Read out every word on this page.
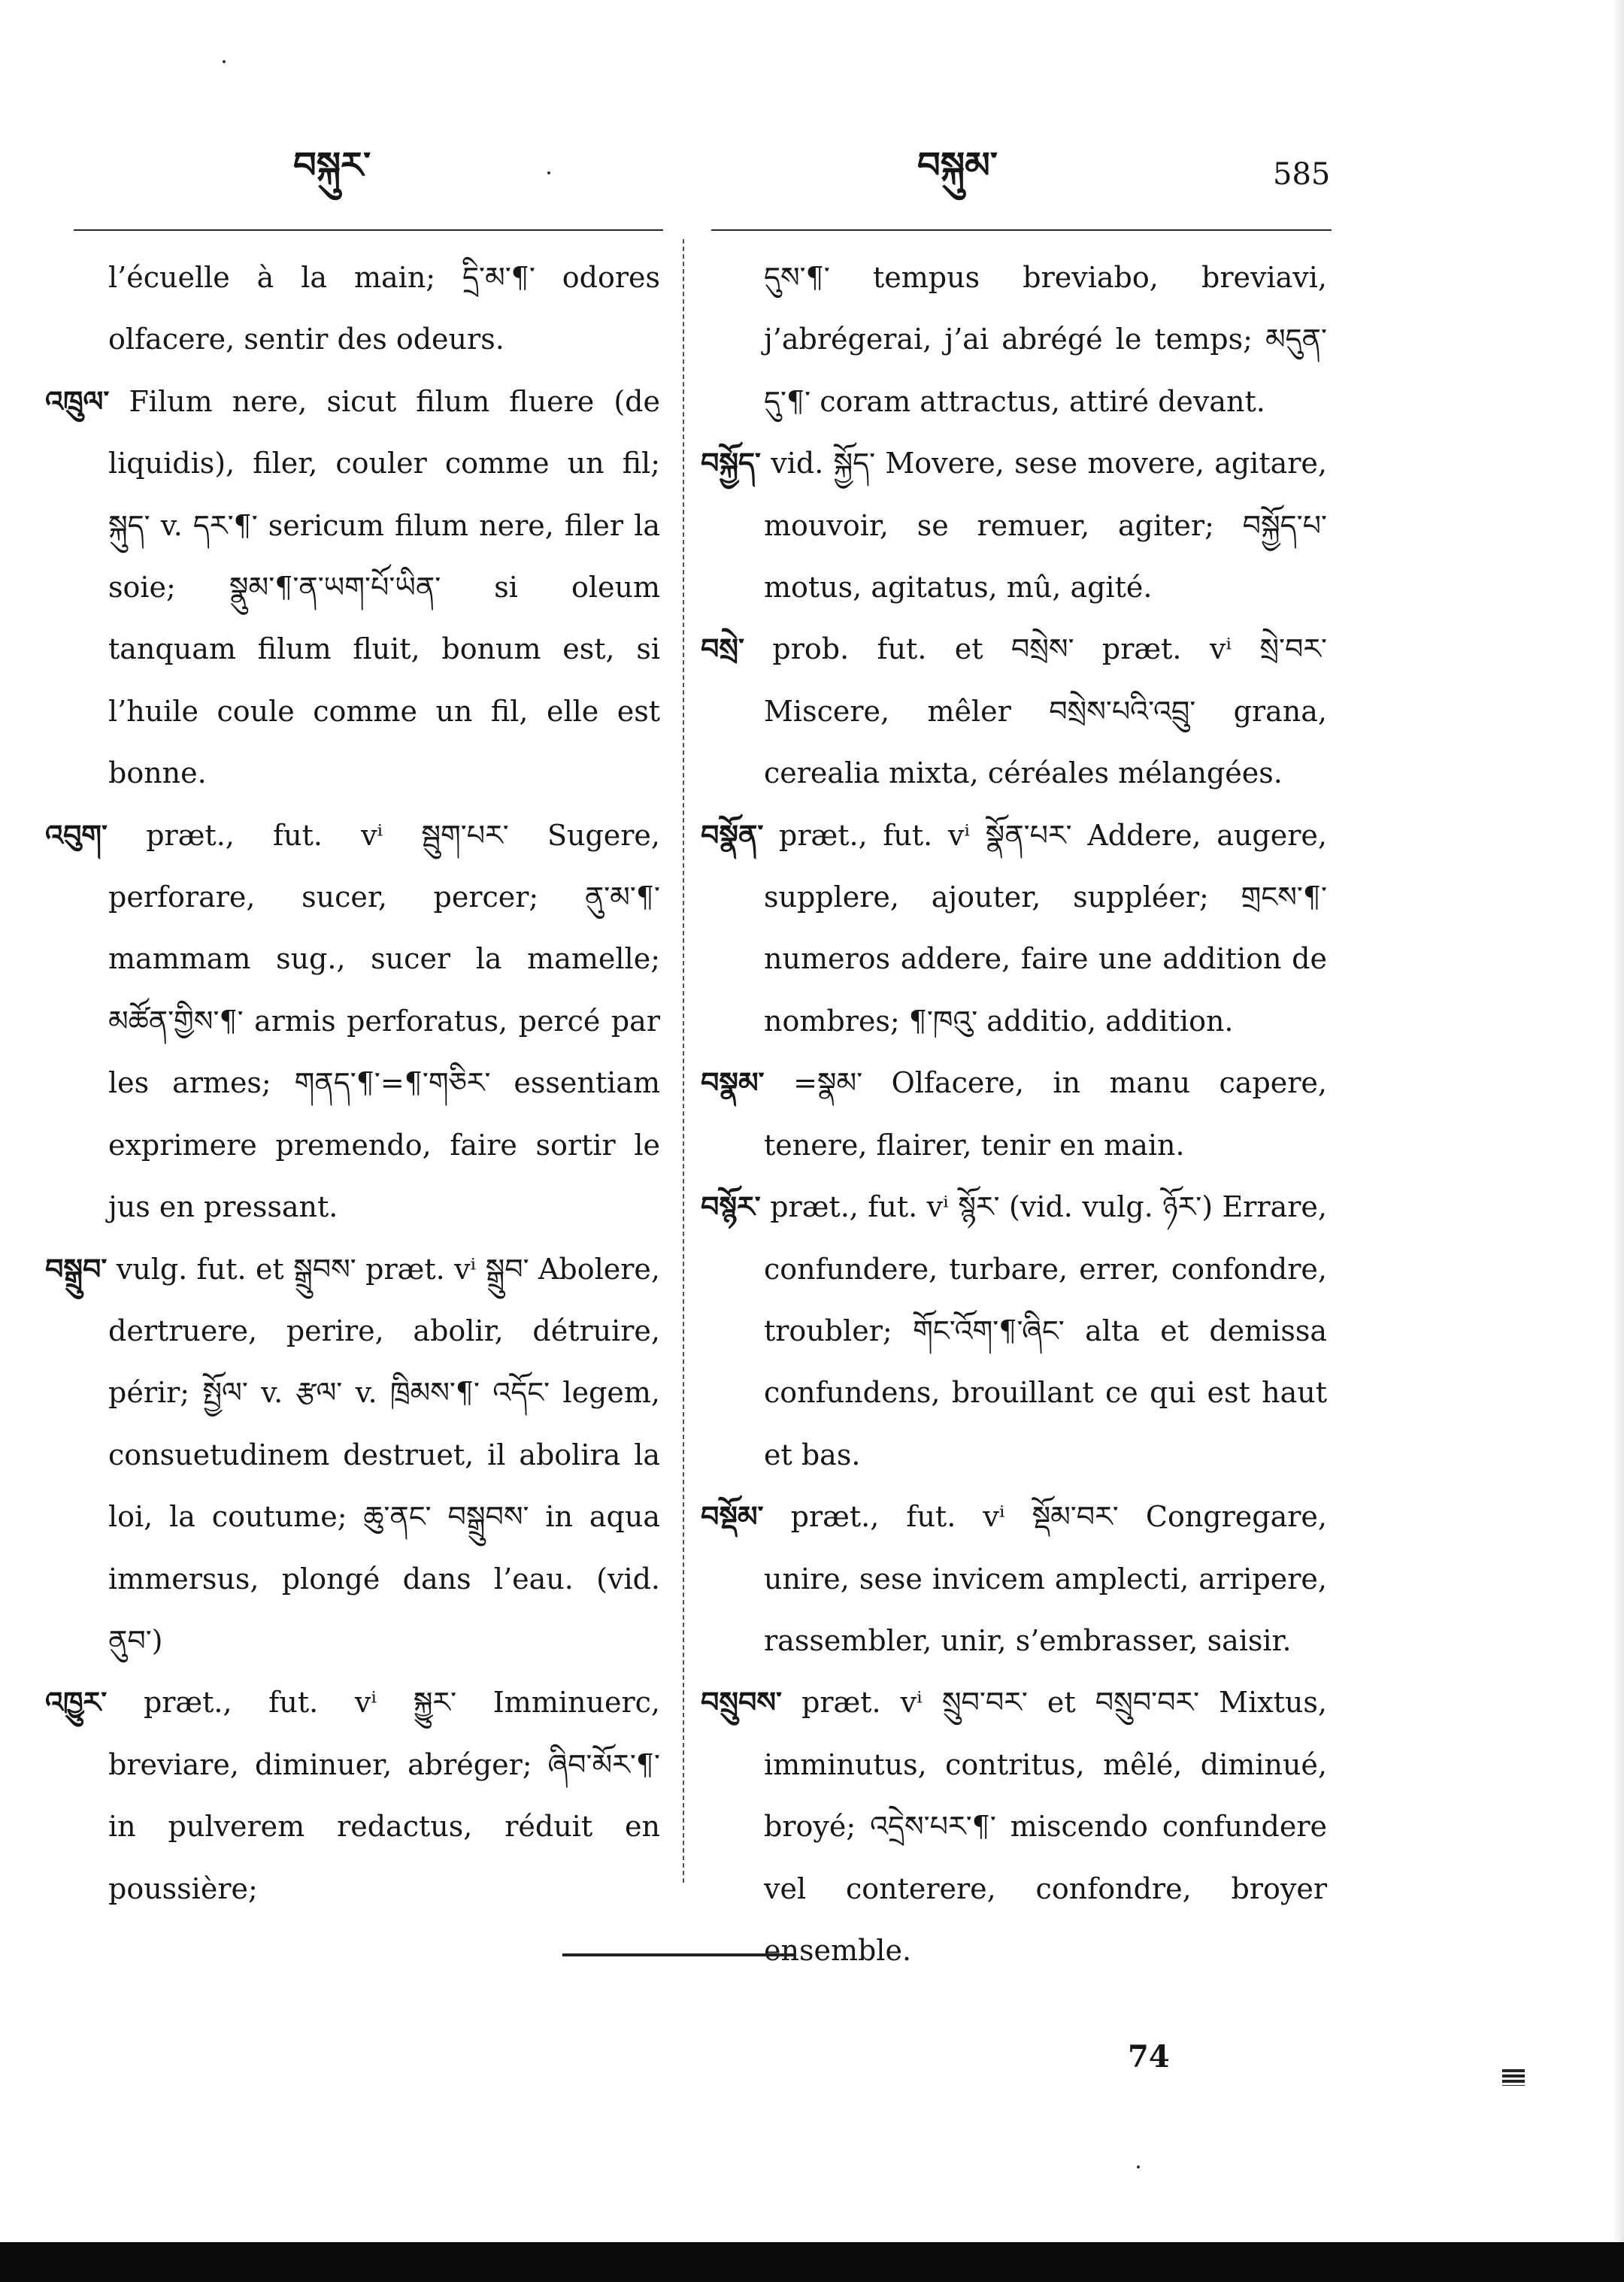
བསྐུར་	བསྐུམ་	585

l’écuelle à la main; དྲི་མ་¶་ odores olfacere, sentir des odeurs.

འཁྲུལ་ Filum nere, sicut filum fluere (de liquidis), filer, couler comme un fil; སྐུད་ v. དར་¶་ sericum filum nere, filer la soie; སྣུམ་¶་ན་ཡག་པོ་ཡིན་ si oleum tanquam filum fluit, bonum est, si l’huile coule comme un fil, elle est bonne.

འབུག་ præt., fut. vⁱ སྦུག་པར་ Sugere, perforare, sucer, percer; ནུ་མ་¶་ mammam sug., sucer la mamelle; མཚོན་གྱིས་¶་ armis perforatus, percé par les armes; གནད་¶་=¶་གཅིར་ essentiam exprimere premendo, faire sortir le jus en pressant.

བསྒྲུབ་ vulg. fut. et སྒྲུབས་ præt. vⁱ སྒྲུབ་ Abolere, dertruere, perire, abolir, détruire, périr; སྤྱོལ་ v. རྩལ་ v. ཁྲིམས་¶་ འདོང་ legem, consuetudinem destruet, il abolira la loi, la coutume; ཆུ་ནང་ བསྒྲུབས་ in aqua immersus, plongé dans l’eau. (vid. ནུབ་)

འཁྱུར་ præt., fut. vⁱ སྐྱུར་ Imminuerc, breviare, diminuer, abréger; ཞིབ་མོར་¶་ in pulverem redactus, réduit en poussière;

དུས་¶་ tempus breviabo, breviavi, j’abrégerai, j’ai abrégé le temps; མདུན་ དུ་¶་ coram attractus, attiré devant.

བསྐྱོད་ vid. སྐྱོད་ Movere, sese movere, agitare, mouvoir, se remuer, agiter; བསྐྱོད་པ་ motus, agitatus, mû, agité.

བསྲེ་ prob. fut. et བསྲེས་ præt. vⁱ སྲེ་བར་ Miscere, mêler བསྲེས་པའི་འབྲུ་ grana, cerealia mixta, céréales mélangées.

བསྣོན་ præt., fut. vⁱ སྣོན་པར་ Addere, augere, supplere, ajouter, suppléer; གྲངས་¶་ numeros addere, faire une addition de nombres; ¶་ཁའུ་ additio, addition.

བསྣམ་ =སྣམ་ Olfacere, in manu capere, tenere, flairer, tenir en main.

བསྙོར་ præt., fut. vⁱ སྙོར་ (vid. vulg. ཉོར་) Errare, confundere, turbare, errer, confondre, troubler; གོང་འོག་¶་ཞིང་ alta et demissa confundens, brouillant ce qui est haut et bas.

བསྡོམ་ præt., fut. vⁱ སྡོམ་བར་ Congregare, unire, sese invicem amplecti, arripere, rassembler, unir, s’embrasser, saisir.

བསྲུབས་ præt. vⁱ སྲུབ་བར་ et བསྲུབ་བར་ Mixtus, imminutus, contritus, mêlé, diminué, broyé; འདྲེས་པར་¶་ miscendo confundere vel conterere, confondre, broyer ensemble.

74
